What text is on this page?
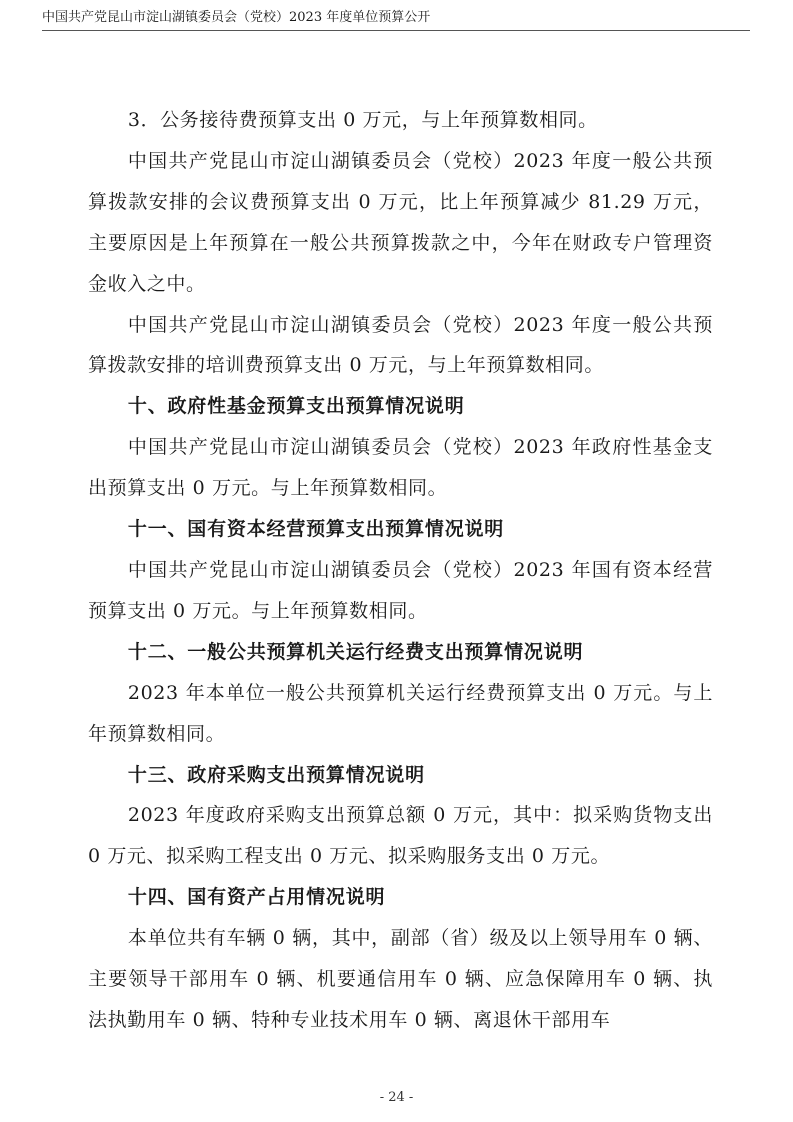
中国共产党昆山市淀山湖镇委员会（党校）2023 年度单位预算公开

3．公务接待费预算支出 0 万元，与上年预算数相同。

中国共产党昆山市淀山湖镇委员会（党校）2023 年度一般公共预算拨款安排的会议费预算支出 0 万元，比上年预算减少 81.29 万元，主要原因是上年预算在一般公共预算拨款之中，今年在财政专户管理资金收入之中。

中国共产党昆山市淀山湖镇委员会（党校）2023 年度一般公共预算拨款安排的培训费预算支出 0 万元，与上年预算数相同。

十、政府性基金预算支出预算情况说明

中国共产党昆山市淀山湖镇委员会（党校）2023 年政府性基金支出预算支出 0 万元。与上年预算数相同。

十一、国有资本经营预算支出预算情况说明

中国共产党昆山市淀山湖镇委员会（党校）2023 年国有资本经营预算支出 0 万元。与上年预算数相同。

十二、一般公共预算机关运行经费支出预算情况说明

2023 年本单位一般公共预算机关运行经费预算支出 0 万元。与上年预算数相同。

十三、政府采购支出预算情况说明

2023 年度政府采购支出预算总额 0 万元，其中：拟采购货物支出 0 万元、拟采购工程支出 0 万元、拟采购服务支出 0 万元。

十四、国有资产占用情况说明

本单位共有车辆 0 辆，其中，副部（省）级及以上领导用车 0 辆、主要领导干部用车 0 辆、机要通信用车 0 辆、应急保障用车 0 辆、执法执勤用车 0 辆、特种专业技术用车 0 辆、离退休干部用车

- 24 -
